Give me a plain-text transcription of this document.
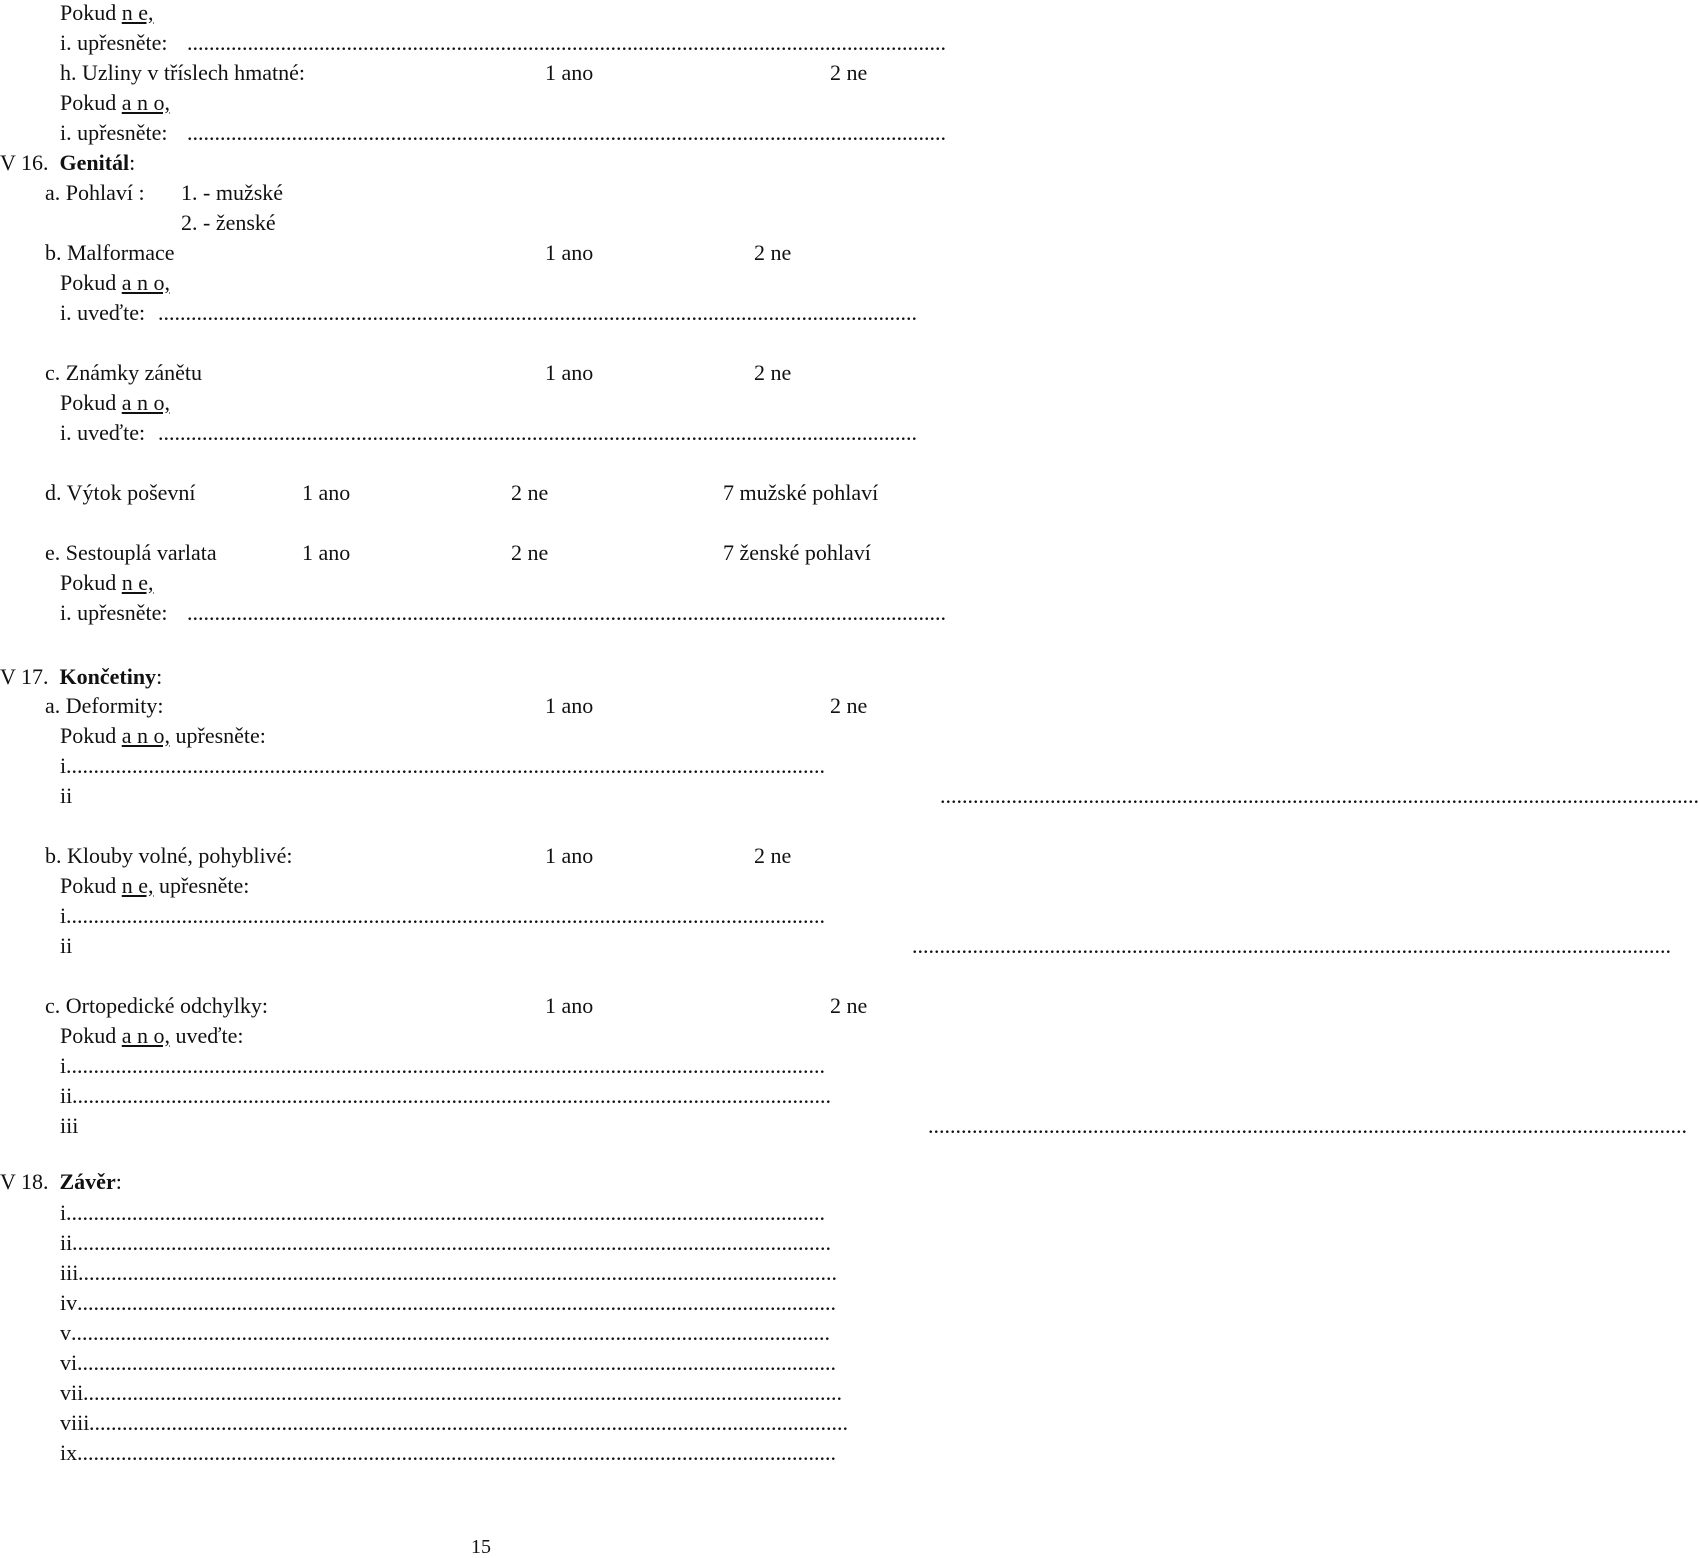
Pokud n e,
i. upřesněte: ..........................................................................................................................................
h. Uzliny v tříslech hmatné:	1 ano	2 ne
Pokud a n o,
i. upřesněte: ..........................................................................................................................................
V 16. Genitál:
a. Pohlaví : 1. - mužské
2. - ženské
b. Malformace	1 ano	2 ne
Pokud a n o,
i. uveďte: ..........................................................................................................................................
c. Známky zánětu	1 ano	2 ne
Pokud a n o,
i. uveďte: ..........................................................................................................................................
d. Výtok poševní	1 ano	2 ne	7 mužské pohlaví
e. Sestouplá varlata	1 ano	2 ne	7 ženské pohlaví
Pokud n e,
i. upřesněte: ..........................................................................................................................................
V 17. Končetiny:
a. Deformity:	1 ano	2 ne
Pokud a n o, upřesněte:
i ..........................................................................................................................................
ii	..........................................................................................................................................
b. Klouby volné, pohyblivé:	1 ano	2 ne
Pokud n e, upřesněte:
i ..........................................................................................................................................
ii	..........................................................................................................................................
c. Ortopedické odchylky:	1 ano	2 ne
Pokud a n o, uveďte:
i ..........................................................................................................................................
ii ..........................................................................................................................................
iii	..........................................................................................................................................
V 18. Závěr:
i ..........................................................................................................................................
ii ..........................................................................................................................................
iii ..........................................................................................................................................
iv ..........................................................................................................................................
v ..........................................................................................................................................
vi ..........................................................................................................................................
vii ..........................................................................................................................................
viii ..........................................................................................................................................
ix ..........................................................................................................................................
15
